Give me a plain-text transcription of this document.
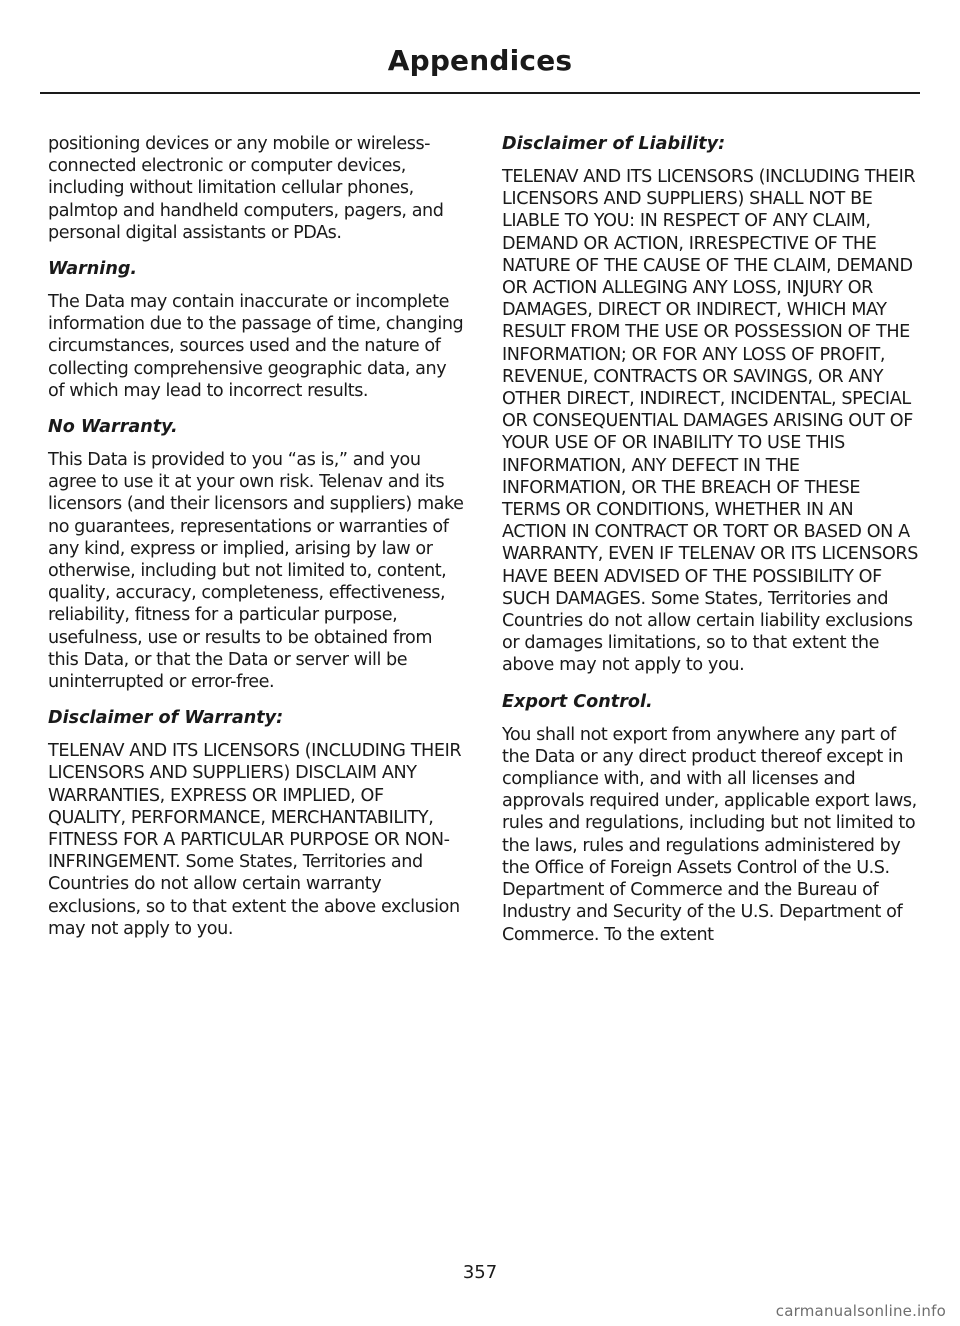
Appendices

positioning devices or any mobile or wireless-connected electronic or computer devices, including without limitation cellular phones, palmtop and handheld computers, pagers, and personal digital assistants or PDAs.

Warning.

The Data may contain inaccurate or incomplete information due to the passage of time, changing circumstances, sources used and the nature of collecting comprehensive geographic data, any of which may lead to incorrect results.

No Warranty.

This Data is provided to you “as is,” and you agree to use it at your own risk. Telenav and its licensors (and their licensors and suppliers) make no guarantees, representations or warranties of any kind, express or implied, arising by law or otherwise, including but not limited to, content, quality, accuracy, completeness, effectiveness, reliability, fitness for a particular purpose, usefulness, use or results to be obtained from this Data, or that the Data or server will be uninterrupted or error-free.

Disclaimer of Warranty:

TELENAV AND ITS LICENSORS (INCLUDING THEIR LICENSORS AND SUPPLIERS) DISCLAIM ANY WARRANTIES, EXPRESS OR IMPLIED, OF QUALITY, PERFORMANCE, MERCHANTABILITY, FITNESS FOR A PARTICULAR PURPOSE OR NON-INFRINGEMENT. Some States, Territories and Countries do not allow certain warranty exclusions, so to that extent the above exclusion may not apply to you.

Disclaimer of Liability:

TELENAV AND ITS LICENSORS (INCLUDING THEIR LICENSORS AND SUPPLIERS) SHALL NOT BE LIABLE TO YOU: IN RESPECT OF ANY CLAIM, DEMAND OR ACTION, IRRESPECTIVE OF THE NATURE OF THE CAUSE OF THE CLAIM, DEMAND OR ACTION ALLEGING ANY LOSS, INJURY OR DAMAGES, DIRECT OR INDIRECT, WHICH MAY RESULT FROM THE USE OR POSSESSION OF THE INFORMATION; OR FOR ANY LOSS OF PROFIT, REVENUE, CONTRACTS OR SAVINGS, OR ANY OTHER DIRECT, INDIRECT, INCIDENTAL, SPECIAL OR CONSEQUENTIAL DAMAGES ARISING OUT OF YOUR USE OF OR INABILITY TO USE THIS INFORMATION, ANY DEFECT IN THE INFORMATION, OR THE BREACH OF THESE TERMS OR CONDITIONS, WHETHER IN AN ACTION IN CONTRACT OR TORT OR BASED ON A WARRANTY, EVEN IF TELENAV OR ITS LICENSORS HAVE BEEN ADVISED OF THE POSSIBILITY OF SUCH DAMAGES. Some States, Territories and Countries do not allow certain liability exclusions or damages limitations, so to that extent the above may not apply to you.

Export Control.

You shall not export from anywhere any part of the Data or any direct product thereof except in compliance with, and with all licenses and approvals required under, applicable export laws, rules and regulations, including but not limited to the laws, rules and regulations administered by the Office of Foreign Assets Control of the U.S. Department of Commerce and the Bureau of Industry and Security of the U.S. Department of Commerce. To the extent

357
carmanualsonline.info
